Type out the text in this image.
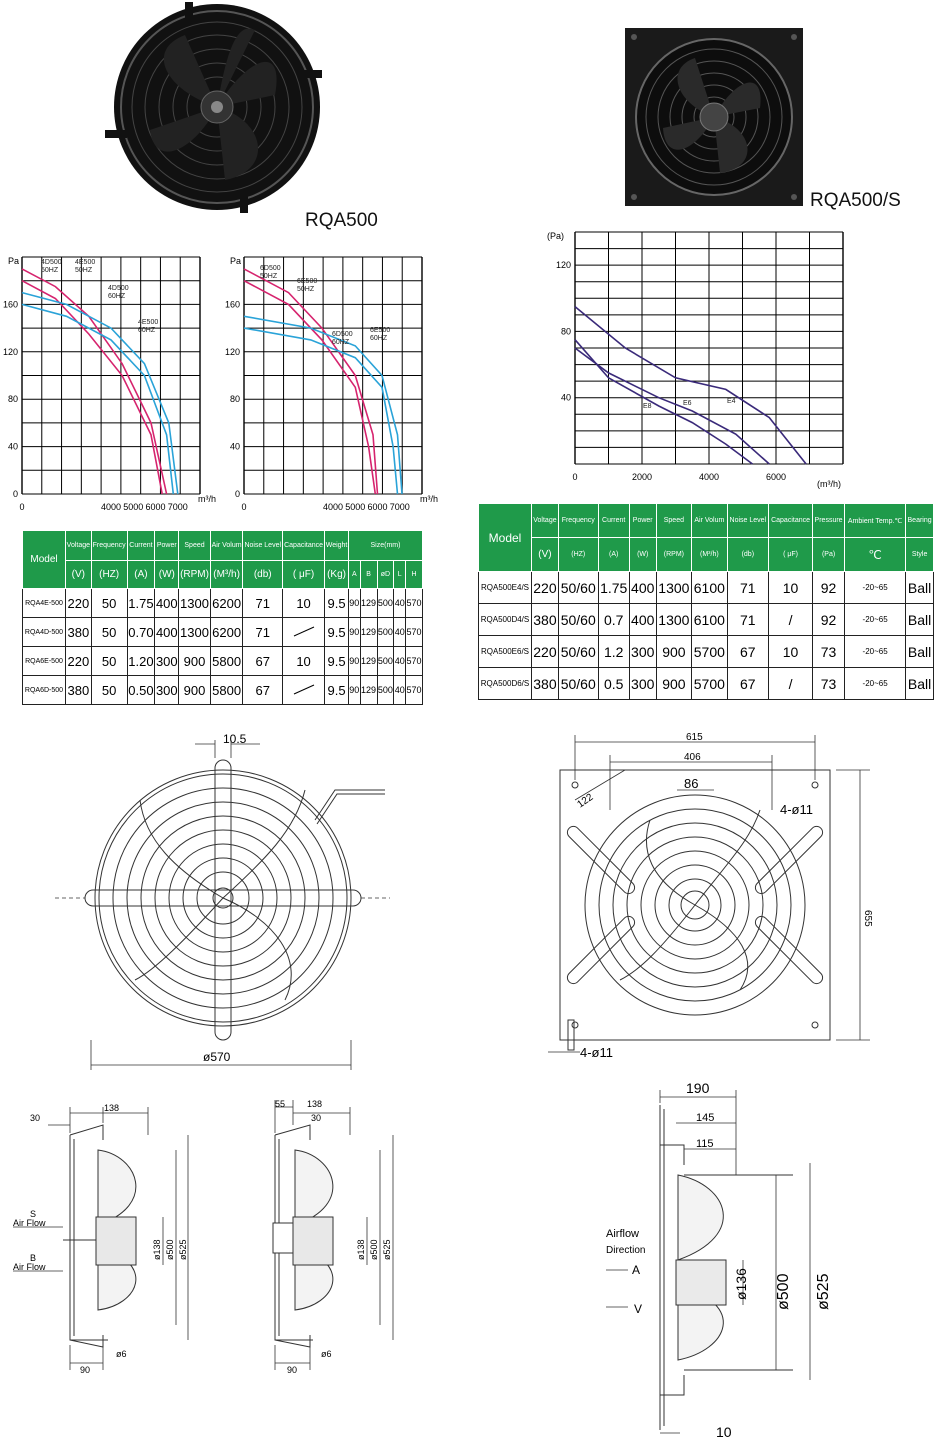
RQA500
RQA500/S
0
40
80
120
160
0	4000 5000 6000 7000
Pa
m³/h
4D500
50HZ
4E500
50HZ
4D500
60HZ
4E500
60HZ
0
40
80
120
160
0	4000 5000 6000 7000
Pa
m³/h
6D500
50HZ
6E500
50HZ
6D500
60HZ
6E500
60HZ
40
80
120
0	2000	4000	6000
(Pa)
(m³/h)
E8	E6	E4
Model	Voltage	Frequency	Current	Power	Speed	Air Volum	Noise Level	Capacitance	Weight	Size(mm)				
	(V)	(HZ)	(A)	(W)	(RPM)	(M³/h)	(db)	( μF)	(Kg)	A	B	øD	L	H
RQA4E-500	220	50	1.75	400	1300	6200	71	10	9.5	90	129	500	40	570
RQA4D-500	380	50	0.70	400	1300	6200	71		9.5	90	129	500	40	570
RQA6E-500	220	50	1.20	300	900	5800	67	10	9.5	90	129	500	40	570
RQA6D-500	380	50	0.50	300	900	5800	67		9.5	90	129	500	40	570
Model	Voltage	Frequency	Current	Power	Speed	Air Volum	Noise Level	Capacitance	Pressure	Ambient Temp.℃	Bearing
	(V)	(HZ)	(A)	(W)	(RPM)	(M³/h)	(db)	( μF)	(Pa)	℃	Style
RQA500E4/S	220	50/60	1.75	400	1300	6100	71	10	92	-20~65	Ball
RQA500D4/S	380	50/60	0.7	400	1300	6100	71	/	92	-20~65	Ball
RQA500E6/S	220	50/60	1.2	300	900	5700	67	10	73	-20~65	Ball
RQA500D6/S	380	50/60	0.5	300	900	5700	67	/	73	-20~65	Ball
10.5
ø570
615
406
86
122	4-ø11
655
4-ø11
30
138
S
Air Flow
B
Air Flow
90
ø6
ø138 ø500 ø525
55 138
30
90
ø6
ø138 ø500 ø525
190
145
115
Airflow
Direction
A
V
ø136 ø500 ø525
10
